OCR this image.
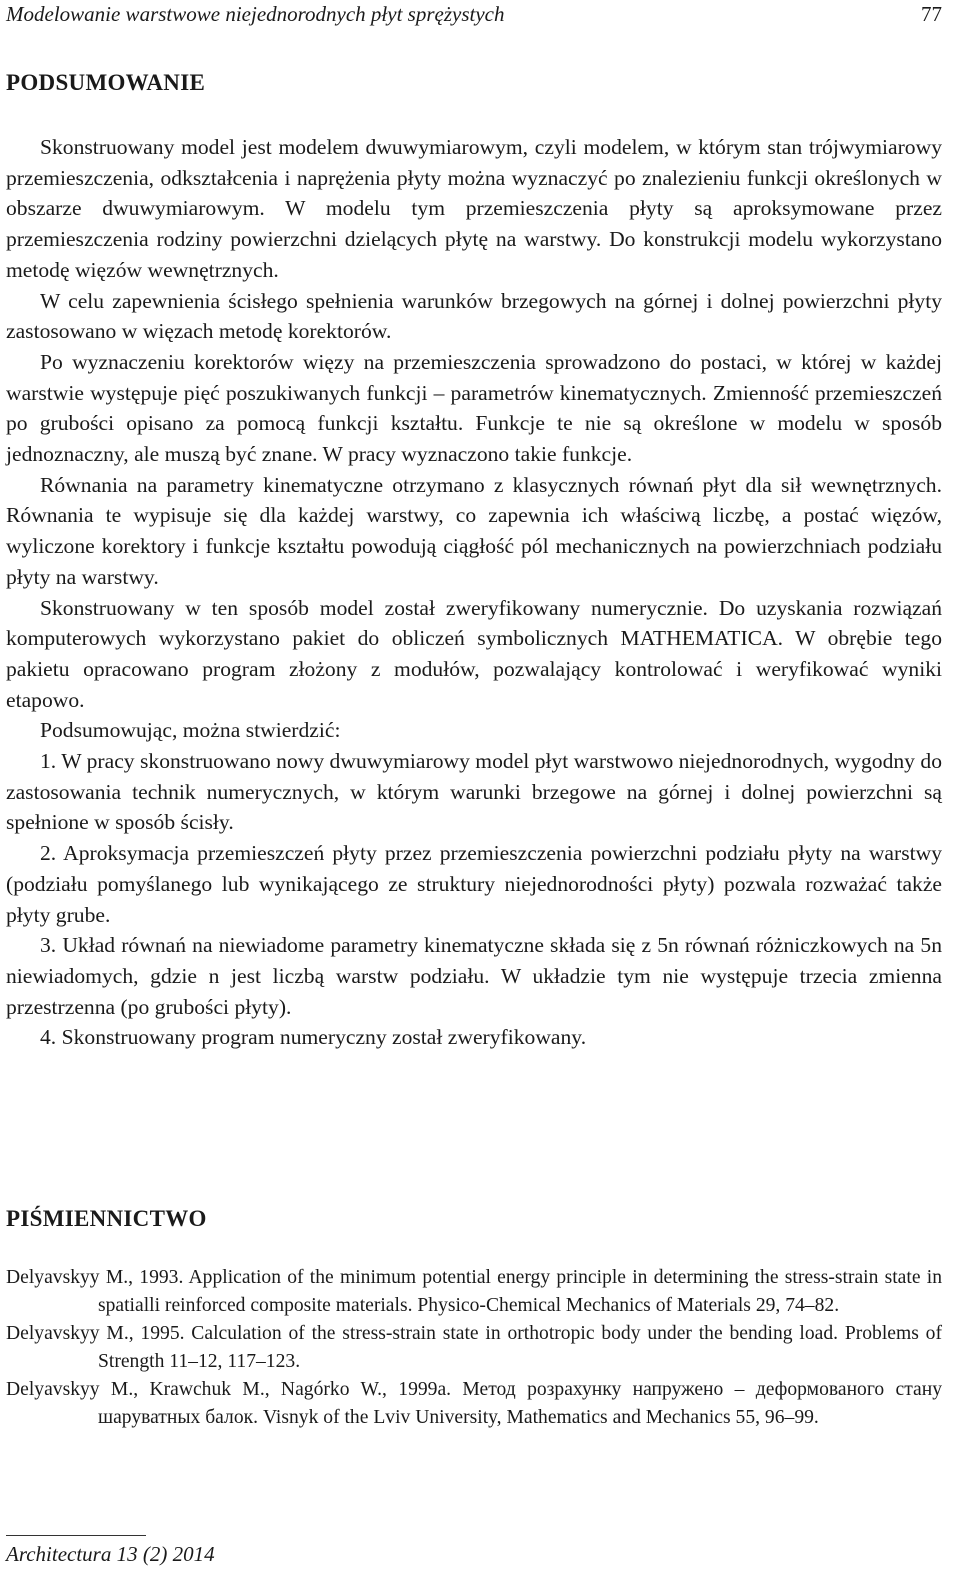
Modelowanie warstwowe niejednorodnych płyt sprężystych	77
PODSUMOWANIE

Skonstruowany model jest modelem dwuwymiarowym, czyli modelem, w którym stan trójwymiarowy przemieszczenia, odkształcenia i naprężenia płyty można wyznaczyć po znalezieniu funkcji określonych w obszarze dwuwymiarowym. W modelu tym przemieszczenia płyty są aproksymowane przez przemieszczenia rodziny powierzchni dzielących płytę na warstwy. Do konstrukcji modelu wykorzystano metodę więzów wewnętrznych.

W celu zapewnienia ścisłego spełnienia warunków brzegowych na górnej i dolnej powierzchni płyty zastosowano w więzach metodę korektorów.

Po wyznaczeniu korektorów więzy na przemieszczenia sprowadzono do postaci, w której w każdej warstwie występuje pięć poszukiwanych funkcji – parametrów kinematycznych. Zmienność przemieszczeń po grubości opisano za pomocą funkcji kształtu. Funkcje te nie są określone w modelu w sposób jednoznaczny, ale muszą być znane. W pracy wyznaczono takie funkcje.

Równania na parametry kinematyczne otrzymano z klasycznych równań płyt dla sił wewnętrznych. Równania te wypisuje się dla każdej warstwy, co zapewnia ich właściwą liczbę, a postać więzów, wyliczone korektory i funkcje kształtu powodują ciągłość pól mechanicznych na powierzchniach podziału płyty na warstwy.

Skonstruowany w ten sposób model został zweryfikowany numerycznie. Do uzyskania rozwiązań komputerowych wykorzystano pakiet do obliczeń symbolicznych MATHEMATICA. W obrębie tego pakietu opracowano program złożony z modułów, pozwalający kontrolować i weryfikować wyniki etapowo.

Podsumowując, można stwierdzić:

1. W pracy skonstruowano nowy dwuwymiarowy model płyt warstwowo niejednorodnych, wygodny do zastosowania technik numerycznych, w którym warunki brzegowe na górnej i dolnej powierzchni są spełnione w sposób ścisły.

2. Aproksymacja przemieszczeń płyty przez przemieszczenia powierzchni podziału płyty na warstwy (podziału pomyślanego lub wynikającego ze struktury niejednorodności płyty) pozwala rozważać także płyty grube.

3. Układ równań na niewiadome parametry kinematyczne składa się z 5n równań różniczkowych na 5n niewiadomych, gdzie n jest liczbą warstw podziału. W układzie tym nie występuje trzecia zmienna przestrzenna (po grubości płyty).

4. Skonstruowany program numeryczny został zweryfikowany.

PIŚMIENNICTWO

Delyavskyy M., 1993. Application of the minimum potential energy principle in determining the stress-strain state in spatialli reinforced composite materials. Physico-Chemical Mechanics of Materials 29, 74–82.

Delyavskyy M., 1995. Calculation of the stress-strain state in orthotropic body under the bending load. Problems of Strength 11–12, 117–123.

Delyavskyy M., Krawchuk M., Nagórko W., 1999a. Метод розрахунку напружено – деформованого стану шаруватных балок. Visnyk of the Lviv University, Mathematics and Mechanics 55, 96–99.

Architectura 13 (2) 2014
